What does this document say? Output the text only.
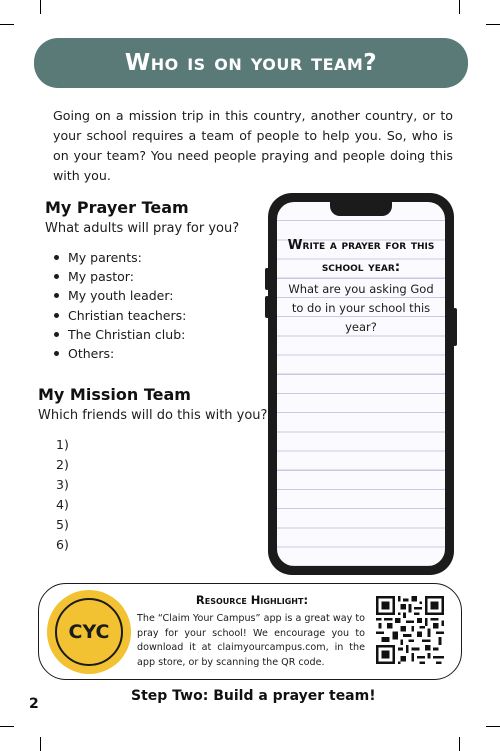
Who is on your team?

Going on a mission trip in this country, another country, or to your school requires a team of people to help you. So, who is on your team? You need people praying and people doing this with you.

My Prayer Team
What adults will pray for you?
My parents:
My pastor:
My youth leader:
Christian teachers:
The Christian club:
Others:
My Mission Team
Which friends will do this with you?
1)
2)
3)
4)
5)
6)
Write a prayer for this school year:
What are you asking God to do in your school this year?
CYC
Resource Highlight:
The “Claim Your Campus” app is a great way to pray for your school! We encourage you to download it at claimyourcampus.com, in the app store, or by scanning the QR code.
2	Step Two: Build a prayer team!
